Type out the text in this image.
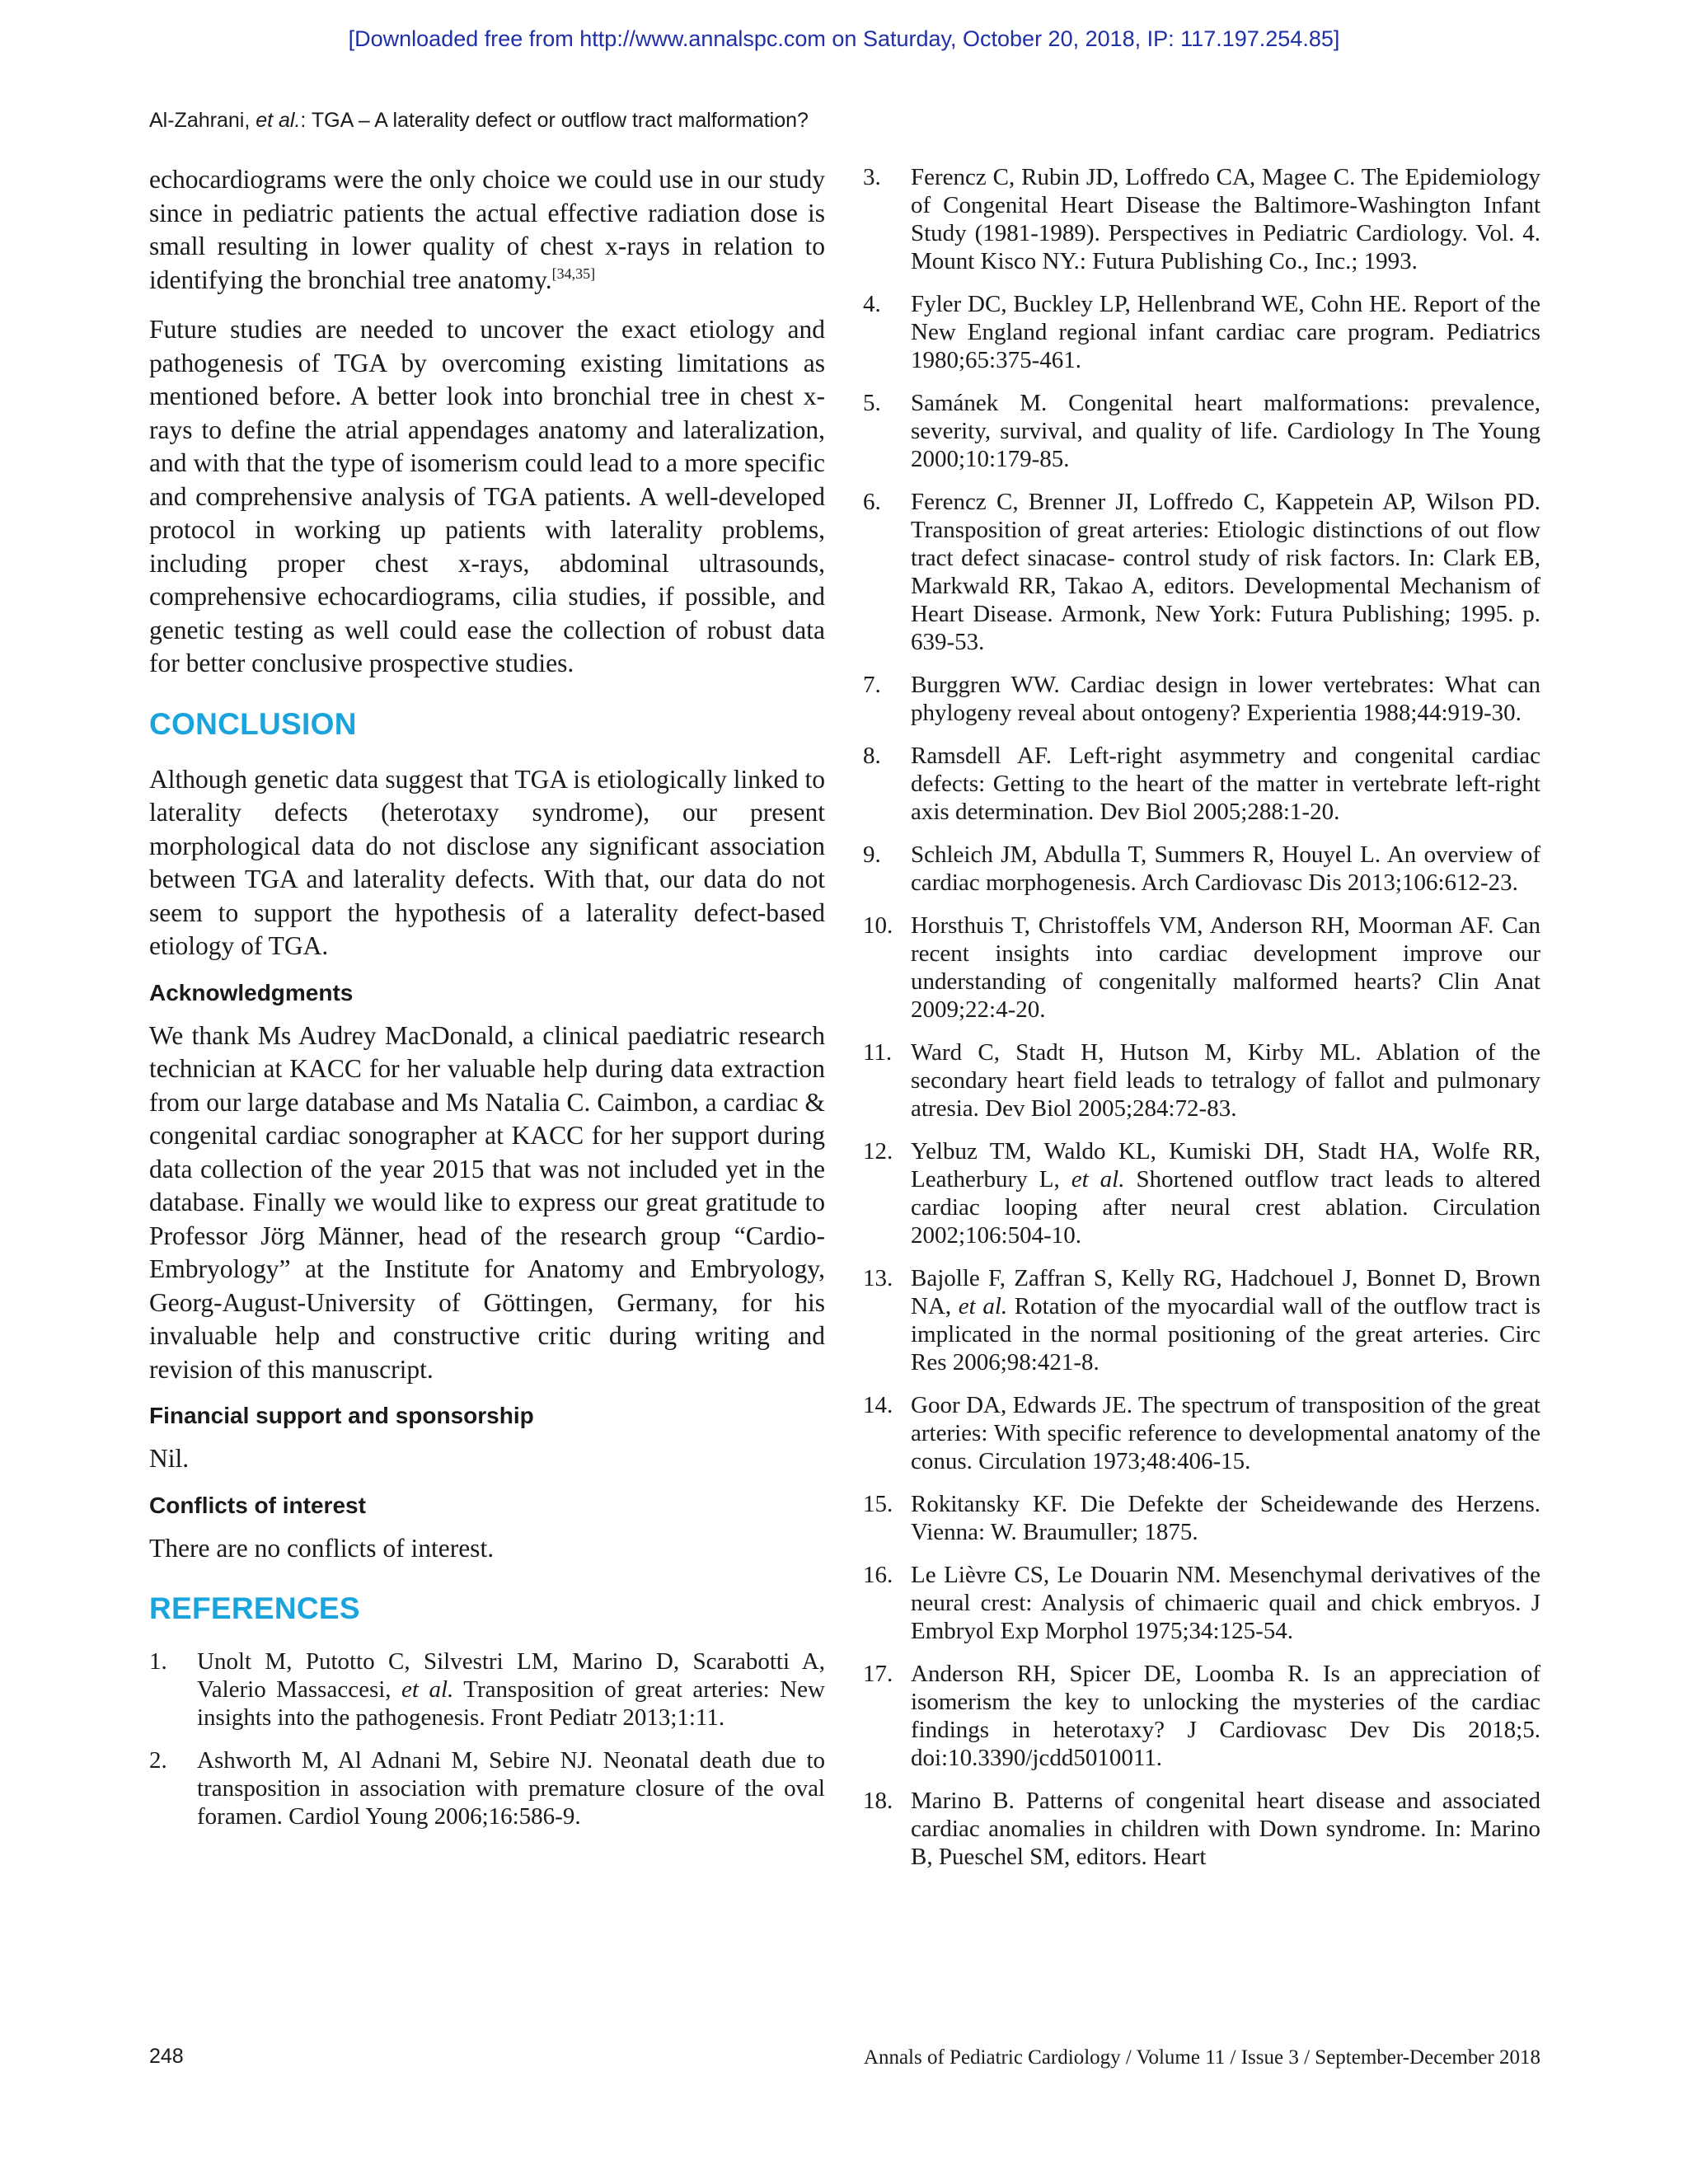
[Downloaded free from http://www.annalspc.com on Saturday, October 20, 2018, IP: 117.197.254.85]
Al-Zahrani, et al.: TGA – A laterality defect or outflow tract malformation?

echocardiograms were the only choice we could use in our study since in pediatric patients the actual effective radiation dose is small resulting in lower quality of chest x-rays in relation to identifying the bronchial tree anatomy.[34,35]

Future studies are needed to uncover the exact etiology and pathogenesis of TGA by overcoming existing limitations as mentioned before. A better look into bronchial tree in chest x-rays to define the atrial appendages anatomy and lateralization, and with that the type of isomerism could lead to a more specific and comprehensive analysis of TGA patients. A well-developed protocol in working up patients with laterality problems, including proper chest x-rays, abdominal ultrasounds, comprehensive echocardiograms, cilia studies, if possible, and genetic testing as well could ease the collection of robust data for better conclusive prospective studies.

CONCLUSION

Although genetic data suggest that TGA is etiologically linked to laterality defects (heterotaxy syndrome), our present morphological data do not disclose any significant association between TGA and laterality defects. With that, our data do not seem to support the hypothesis of a laterality defect-based etiology of TGA.

Acknowledgments

We thank Ms Audrey MacDonald, a clinical paediatric research technician at KACC for her valuable help during data extraction from our large database and Ms Natalia C. Caimbon, a cardiac & congenital cardiac sonographer at KACC for her support during data collection of the year 2015 that was not included yet in the database. Finally we would like to express our great gratitude to Professor Jörg Männer, head of the research group “Cardio-Embryology” at the Institute for Anatomy and Embryology, Georg-August-University of Göttingen, Germany, for his invaluable help and constructive critic during writing and revision of this manuscript.

Financial support and sponsorship

Nil.

Conflicts of interest

There are no conflicts of interest.

REFERENCES
1.	Unolt M, Putotto C, Silvestri LM, Marino D, Scarabotti A, Valerio Massaccesi, et al. Transposition of great arteries: New insights into the pathogenesis. Front Pediatr 2013;1:11.
2.	Ashworth M, Al Adnani M, Sebire NJ. Neonatal death due to transposition in association with premature closure of the oval foramen. Cardiol Young 2006;16:586-9.
3.	Ferencz C, Rubin JD, Loffredo CA, Magee C. The Epidemiology of Congenital Heart Disease the Baltimore-Washington Infant Study (1981-1989). Perspectives in Pediatric Cardiology. Vol. 4. Mount Kisco NY.: Futura Publishing Co., Inc.; 1993.
4.	Fyler DC, Buckley LP, Hellenbrand WE, Cohn HE. Report of the New England regional infant cardiac care program. Pediatrics 1980;65:375-461.
5.	Samánek M. Congenital heart malformations: prevalence, severity, survival, and quality of life. Cardiology In The Young 2000;10:179-85.
6.	Ferencz C, Brenner JI, Loffredo C, Kappetein AP, Wilson PD. Transposition of great arteries: Etiologic distinctions of out flow tract defect sinacase- control study of risk factors. In: Clark EB, Markwald RR, Takao A, editors. Developmental Mechanism of Heart Disease. Armonk, New York: Futura Publishing; 1995. p. 639-53.
7.	Burggren WW. Cardiac design in lower vertebrates: What can phylogeny reveal about ontogeny? Experientia 1988;44:919-30.
8.	Ramsdell AF. Left-right asymmetry and congenital cardiac defects: Getting to the heart of the matter in vertebrate left-right axis determination. Dev Biol 2005;288:1-20.
9.	Schleich JM, Abdulla T, Summers R, Houyel L. An overview of cardiac morphogenesis. Arch Cardiovasc Dis 2013;106:612-23.
10. Horsthuis T, Christoffels VM, Anderson RH, Moorman AF. Can recent insights into cardiac development improve our understanding of congenitally malformed hearts? Clin Anat 2009;22:4-20.
11. Ward C, Stadt H, Hutson M, Kirby ML. Ablation of the secondary heart field leads to tetralogy of fallot and pulmonary atresia. Dev Biol 2005;284:72-83.
12. Yelbuz TM, Waldo KL, Kumiski DH, Stadt HA, Wolfe RR, Leatherbury L, et al. Shortened outflow tract leads to altered cardiac looping after neural crest ablation. Circulation 2002;106:504-10.
13. Bajolle F, Zaffran S, Kelly RG, Hadchouel J, Bonnet D, Brown NA, et al. Rotation of the myocardial wall of the outflow tract is implicated in the normal positioning of the great arteries. Circ Res 2006;98:421-8.
14. Goor DA, Edwards JE. The spectrum of transposition of the great arteries: With specific reference to developmental anatomy of the conus. Circulation 1973;48:406-15.
15. Rokitansky KF. Die Defekte der Scheidewande des Herzens. Vienna: W. Braumuller; 1875.
16. Le Lièvre CS, Le Douarin NM. Mesenchymal derivatives of the neural crest: Analysis of chimaeric quail and chick embryos. J Embryol Exp Morphol 1975;34:125-54.
17. Anderson RH, Spicer DE, Loomba R. Is an appreciation of isomerism the key to unlocking the mysteries of the cardiac findings in heterotaxy? J Cardiovasc Dev Dis 2018;5. doi:10.3390/jcdd5010011.
18. Marino B. Patterns of congenital heart disease and associated cardiac anomalies in children with Down syndrome. In: Marino B, Pueschel SM, editors. Heart
248	Annals of Pediatric Cardiology / Volume 11 / Issue 3 / September-December 2018
